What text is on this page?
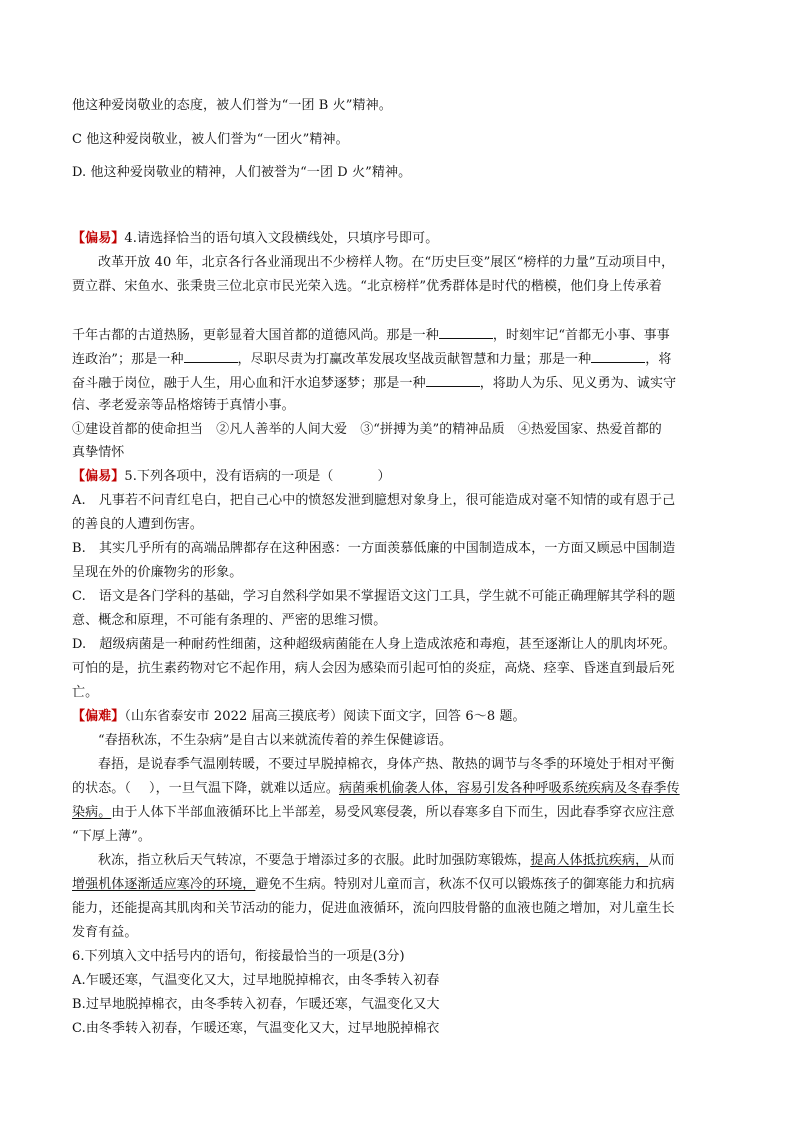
他这种爱岗敬业的态度，被人们誉为“一团 B 火”精神。
C 他这种爱岗敬业，被人们誉为“一团火”精神。
D. 他这种爱岗敬业的精神，人们被誉为“一团 D 火”精神。
【偏易】4.请选择恰当的语句填入文段横线处，只填序号即可。
改革开放 40 年，北京各行各业涌现出不少榜样人物。在“历史巨变”展区“榜样的力量”互动项目中，
贾立群、宋鱼水、张秉贵三位北京市民光荣入选。“北京榜样”优秀群体是时代的楷模，他们身上传承着
千年古都的古道热肠，更彰显着大国首都的道德风尚。那是一种	，时刻牢记“首都无小事、事事
连政治”；那是一种	，尽职尽责为打赢改革发展攻坚战贡献智慧和力量；那是一种	，将
奋斗融于岗位，融于人生，用心血和汗水追梦逐梦；那是一种	，将助人为乐、见义勇为、诚实守
信、孝老爱亲等品格熔铸于真情小事。
①建设首都的使命担当　②凡人善举的人间大爱　③“拼搏为美”的精神品质　④热爱国家、热爱首都的
真挚情怀
【偏易】5.下列各项中，没有语病的一项是（	）
A.　凡事若不问青红皂白，把自己心中的愤怒发泄到臆想对象身上，很可能造成对毫不知情的或有恩于己
的善良的人遭到伤害。
B.　其实几乎所有的高端品牌都存在这种困惑：一方面羡慕低廉的中国制造成本，一方面又顾忌中国制造
呈现在外的价廉物劣的形象。
C.　语文是各门学科的基础，学习自然科学如果不掌握语文这门工具，学生就不可能正确理解其学科的题
意、概念和原理，不可能有条理的、严密的思维习惯。
D.　超级病菌是一种耐药性细菌，这种超级病菌能在人身上造成浓疮和毒疱，甚至逐渐让人的肌肉坏死。
可怕的是，抗生素药物对它不起作用，病人会因为感染而引起可怕的炎症，高烧、痉挛、昏迷直到最后死
亡。
【偏难】（山东省泰安市 2022 届高三摸底考）阅读下面文字，回答 6～8 题。
“春捂秋冻，不生杂病”是自古以来就流传着的养生保健谚语。
春捂，是说春季气温刚转暖，不要过早脱掉棉衣，身体产热、散热的调节与冬季的环境处于相对平衡
的状态。（ ），一旦气温下降，就难以适应。病菌乘机偷袭人体，容易引发各种呼吸系统疾病及冬春季传
染病。由于人体下半部血液循环比上半部差，易受风寒侵袭，所以春寒多自下而生，因此春季穿衣应注意
“下厚上薄”。
秋冻，指立秋后天气转凉，不要急于增添过多的衣服。此时加强防寒锻炼，提高人体抵抗疾病，从而
增强机体逐渐适应寒冷的环境，避免不生病。特别对儿童而言，秋冻不仅可以锻炼孩子的御寒能力和抗病
能力，还能提高其肌肉和关节活动的能力，促进血液循环，流向四肢骨骼的血液也随之增加，对儿童生长
发育有益。
6.下列填入文中括号内的语句，衔接最恰当的一项是(3分)
A.乍暖还寒，气温变化又大，过早地脱掉棉衣，由冬季转入初春
B.过早地脱掉棉衣，由冬季转入初春，乍暖还寒，气温变化又大
C.由冬季转入初春，乍暖还寒，气温变化又大，过早地脱掉棉衣
